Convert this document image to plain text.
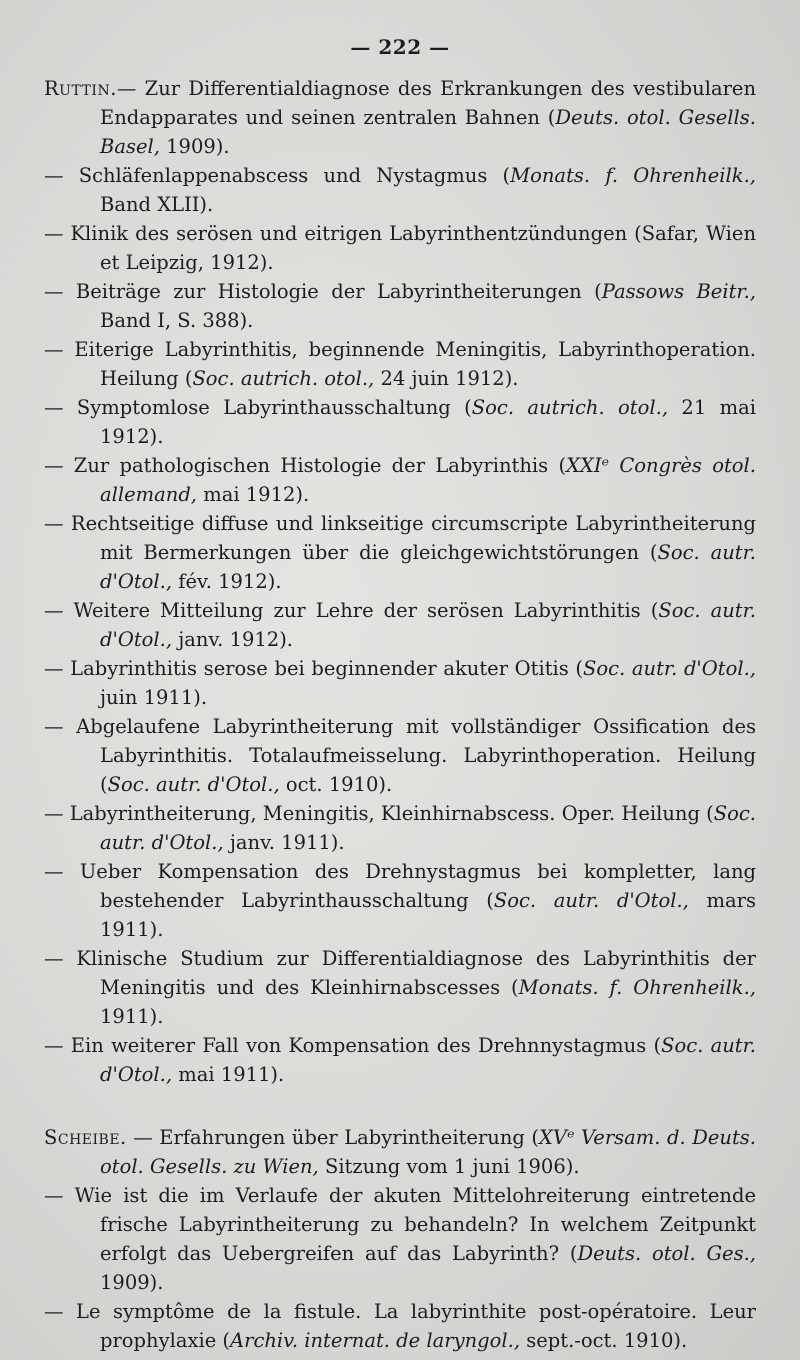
— 222 —

Ruttin.— Zur Differentialdiagnose des Erkrankungen des vestibularen Endapparates und seinen zentralen Bahnen (Deuts. otol. Gesells. Basel, 1909).

— Schläfenlappenabscess und Nystagmus (Monats. f. Ohrenheilk., Band XLII).

— Klinik des serösen und eitrigen Labyrinthentzündungen (Safar, Wien et Leipzig, 1912).

— Beiträge zur Histologie der Labyrintheiterungen (Passows Beitr., Band I, S. 388).

— Eiterige Labyrinthitis, beginnende Meningitis, Labyrinthoperation. Heilung (Soc. autrich. otol., 24 juin 1912).

— Symptomlose Labyrinthausschaltung (Soc. autrich. otol., 21 mai 1912).

— Zur pathologischen Histologie der Labyrinthis (XXIᵉ Congrès otol. allemand, mai 1912).

— Rechtseitige diffuse und linkseitige circumscripte Labyrintheiterung mit Bermerkungen über die gleichgewichtstörungen (Soc. autr. d'Otol., fév. 1912).

— Weitere Mitteilung zur Lehre der serösen Labyrinthitis (Soc. autr. d'Otol., janv. 1912).

— Labyrinthitis serose bei beginnender akuter Otitis (Soc. autr. d'Otol., juin 1911).

— Abgelaufene Labyrintheiterung mit vollständiger Ossification des Labyrinthitis. Totalaufmeisselung. Labyrinthoperation. Heilung (Soc. autr. d'Otol., oct. 1910).

— Labyrintheiterung, Meningitis, Kleinhirnabscess. Oper. Heilung (Soc. autr. d'Otol., janv. 1911).

— Ueber Kompensation des Drehnystagmus bei kompletter, lang bestehender Labyrinthausschaltung (Soc. autr. d'Otol., mars 1911).

— Klinische Studium zur Differentialdiagnose des Labyrinthitis der Meningitis und des Kleinhirnabscesses (Monats. f. Ohrenheilk., 1911).

— Ein weiterer Fall von Kompensation des Drehnnystagmus (Soc. autr. d'Otol., mai 1911).

Scheibe. — Erfahrungen über Labyrintheiterung (XVᵉ Versam. d. Deuts. otol. Gesells. zu Wien, Sitzung vom 1 juni 1906).

— Wie ist die im Verlaufe der akuten Mittelohreiterung eintretende frische Labyrintheiterung zu behandeln? In welchem Zeitpunkt erfolgt das Uebergreifen auf das Labyrinth? (Deuts. otol. Ges., 1909).

— Le symptôme de la fistule. La labyrinthite post-opératoire. Leur prophylaxie (Archiv. internat. de laryngol., sept.-oct. 1910).
